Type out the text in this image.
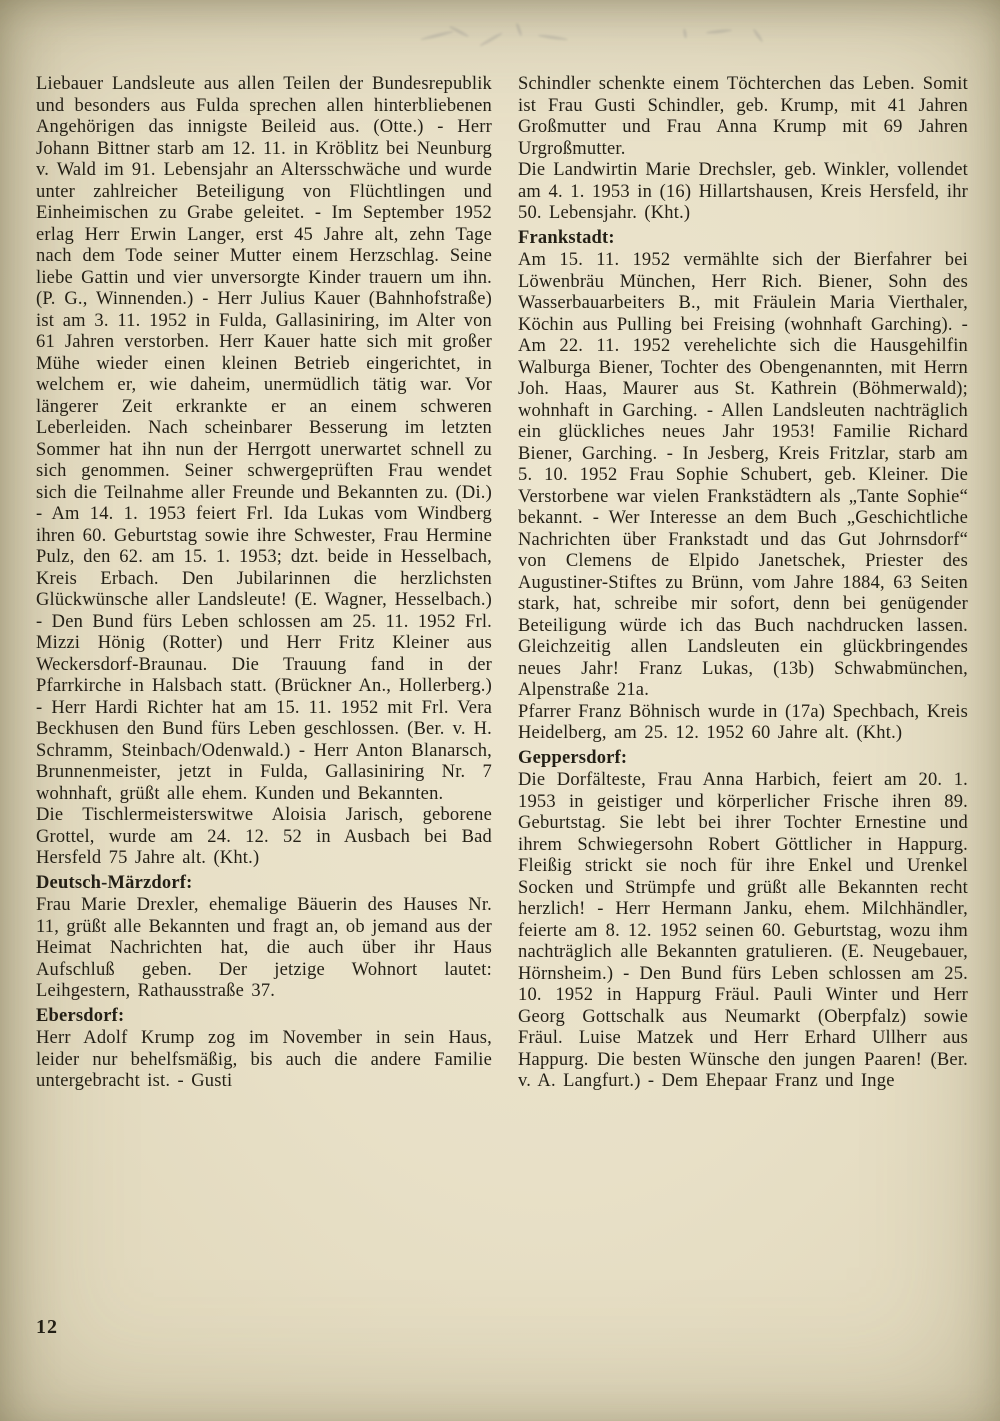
Liebauer Landsleute aus allen Teilen der Bundesrepublik und besonders aus Fulda sprechen allen hinterbliebenen Angehörigen das innigste Beileid aus. (Otte.) - Herr Johann Bittner starb am 12. 11. in Kröblitz bei Neunburg v. Wald im 91. Lebensjahr an Altersschwäche und wurde unter zahlreicher Beteiligung von Flüchtlingen und Einheimischen zu Grabe geleitet. - Im September 1952 erlag Herr Erwin Langer, erst 45 Jahre alt, zehn Tage nach dem Tode seiner Mutter einem Herzschlag. Seine liebe Gattin und vier unversorgte Kinder trauern um ihn. (P. G., Winnenden.) - Herr Julius Kauer (Bahnhofstraße) ist am 3. 11. 1952 in Fulda, Gallasiniring, im Alter von 61 Jahren verstorben. Herr Kauer hatte sich mit großer Mühe wieder einen kleinen Betrieb eingerichtet, in welchem er, wie daheim, unermüdlich tätig war. Vor längerer Zeit erkrankte er an einem schweren Leberleiden. Nach scheinbarer Besserung im letzten Sommer hat ihn nun der Herrgott unerwartet schnell zu sich genommen. Seiner schwergeprüften Frau wendet sich die Teilnahme aller Freunde und Bekannten zu. (Di.) - Am 14. 1. 1953 feiert Frl. Ida Lukas vom Windberg ihren 60. Geburtstag sowie ihre Schwester, Frau Hermine Pulz, den 62. am 15. 1. 1953; dzt. beide in Hesselbach, Kreis Erbach. Den Jubilarinnen die herzlichsten Glückwünsche aller Landsleute! (E. Wagner, Hesselbach.) - Den Bund fürs Leben schlossen am 25. 11. 1952 Frl. Mizzi Hönig (Rotter) und Herr Fritz Kleiner aus Weckersdorf-Braunau. Die Trauung fand in der Pfarrkirche in Halsbach statt. (Brückner An., Hollerberg.) - Herr Hardi Richter hat am 15. 11. 1952 mit Frl. Vera Beckhusen den Bund fürs Leben geschlossen. (Ber. v. H. Schramm, Steinbach/Odenwald.) - Herr Anton Blanarsch, Brunnenmeister, jetzt in Fulda, Gallasiniring Nr. 7 wohnhaft, grüßt alle ehem. Kunden und Bekannten.

Die Tischlermeisterswitwe Aloisia Jarisch, geborene Grottel, wurde am 24. 12. 52 in Ausbach bei Bad Hersfeld 75 Jahre alt. (Kht.)

Deutsch-Märzdorf:

Frau Marie Drexler, ehemalige Bäuerin des Hauses Nr. 11, grüßt alle Bekannten und fragt an, ob jemand aus der Heimat Nachrichten hat, die auch über ihr Haus Aufschluß geben. Der jetzige Wohnort lautet: Leihgestern, Rathausstraße 37.

Ebersdorf:

Herr Adolf Krump zog im November in sein Haus, leider nur behelfsmäßig, bis auch die andere Familie untergebracht ist. - Gusti

Schindler schenkte einem Töchterchen das Leben. Somit ist Frau Gusti Schindler, geb. Krump, mit 41 Jahren Großmutter und Frau Anna Krump mit 69 Jahren Urgroßmutter.

Die Landwirtin Marie Drechsler, geb. Winkler, vollendet am 4. 1. 1953 in (16) Hillartshausen, Kreis Hersfeld, ihr 50. Lebensjahr. (Kht.)

Frankstadt:

Am 15. 11. 1952 vermählte sich der Bierfahrer bei Löwenbräu München, Herr Rich. Biener, Sohn des Wasserbauarbeiters B., mit Fräulein Maria Vierthaler, Köchin aus Pulling bei Freising (wohnhaft Garching). - Am 22. 11. 1952 verehelichte sich die Hausgehilfin Walburga Biener, Tochter des Obengenannten, mit Herrn Joh. Haas, Maurer aus St. Kathrein (Böhmerwald); wohnhaft in Garching. - Allen Landsleuten nachträglich ein glückliches neues Jahr 1953! Familie Richard Biener, Garching. - In Jesberg, Kreis Fritzlar, starb am 5. 10. 1952 Frau Sophie Schubert, geb. Kleiner. Die Verstorbene war vielen Frankstädtern als „Tante Sophie“ bekannt. - Wer Interesse an dem Buch „Geschichtliche Nachrichten über Frankstadt und das Gut Johrnsdorf“ von Clemens de Elpido Janetschek, Priester des Augustiner-Stiftes zu Brünn, vom Jahre 1884, 63 Seiten stark, hat, schreibe mir sofort, denn bei genügender Beteiligung würde ich das Buch nachdrucken lassen. Gleichzeitig allen Landsleuten ein glückbringendes neues Jahr! Franz Lukas, (13b) Schwabmünchen, Alpenstraße 21a.

Pfarrer Franz Böhnisch wurde in (17a) Spechbach, Kreis Heidelberg, am 25. 12. 1952 60 Jahre alt. (Kht.)

Geppersdorf:

Die Dorfälteste, Frau Anna Harbich, feiert am 20. 1. 1953 in geistiger und körperlicher Frische ihren 89. Geburtstag. Sie lebt bei ihrer Tochter Ernestine und ihrem Schwiegersohn Robert Göttlicher in Happurg. Fleißig strickt sie noch für ihre Enkel und Urenkel Socken und Strümpfe und grüßt alle Bekannten recht herzlich! - Herr Hermann Janku, ehem. Milchhändler, feierte am 8. 12. 1952 seinen 60. Geburtstag, wozu ihm nachträglich alle Bekannten gratulieren. (E. Neugebauer, Hörnsheim.) - Den Bund fürs Leben schlossen am 25. 10. 1952 in Happurg Fräul. Pauli Winter und Herr Georg Gottschalk aus Neumarkt (Oberpfalz) sowie Fräul. Luise Matzek und Herr Erhard Ullherr aus Happurg. Die besten Wünsche den jungen Paaren! (Ber. v. A. Langfurt.) - Dem Ehepaar Franz und Inge

12
